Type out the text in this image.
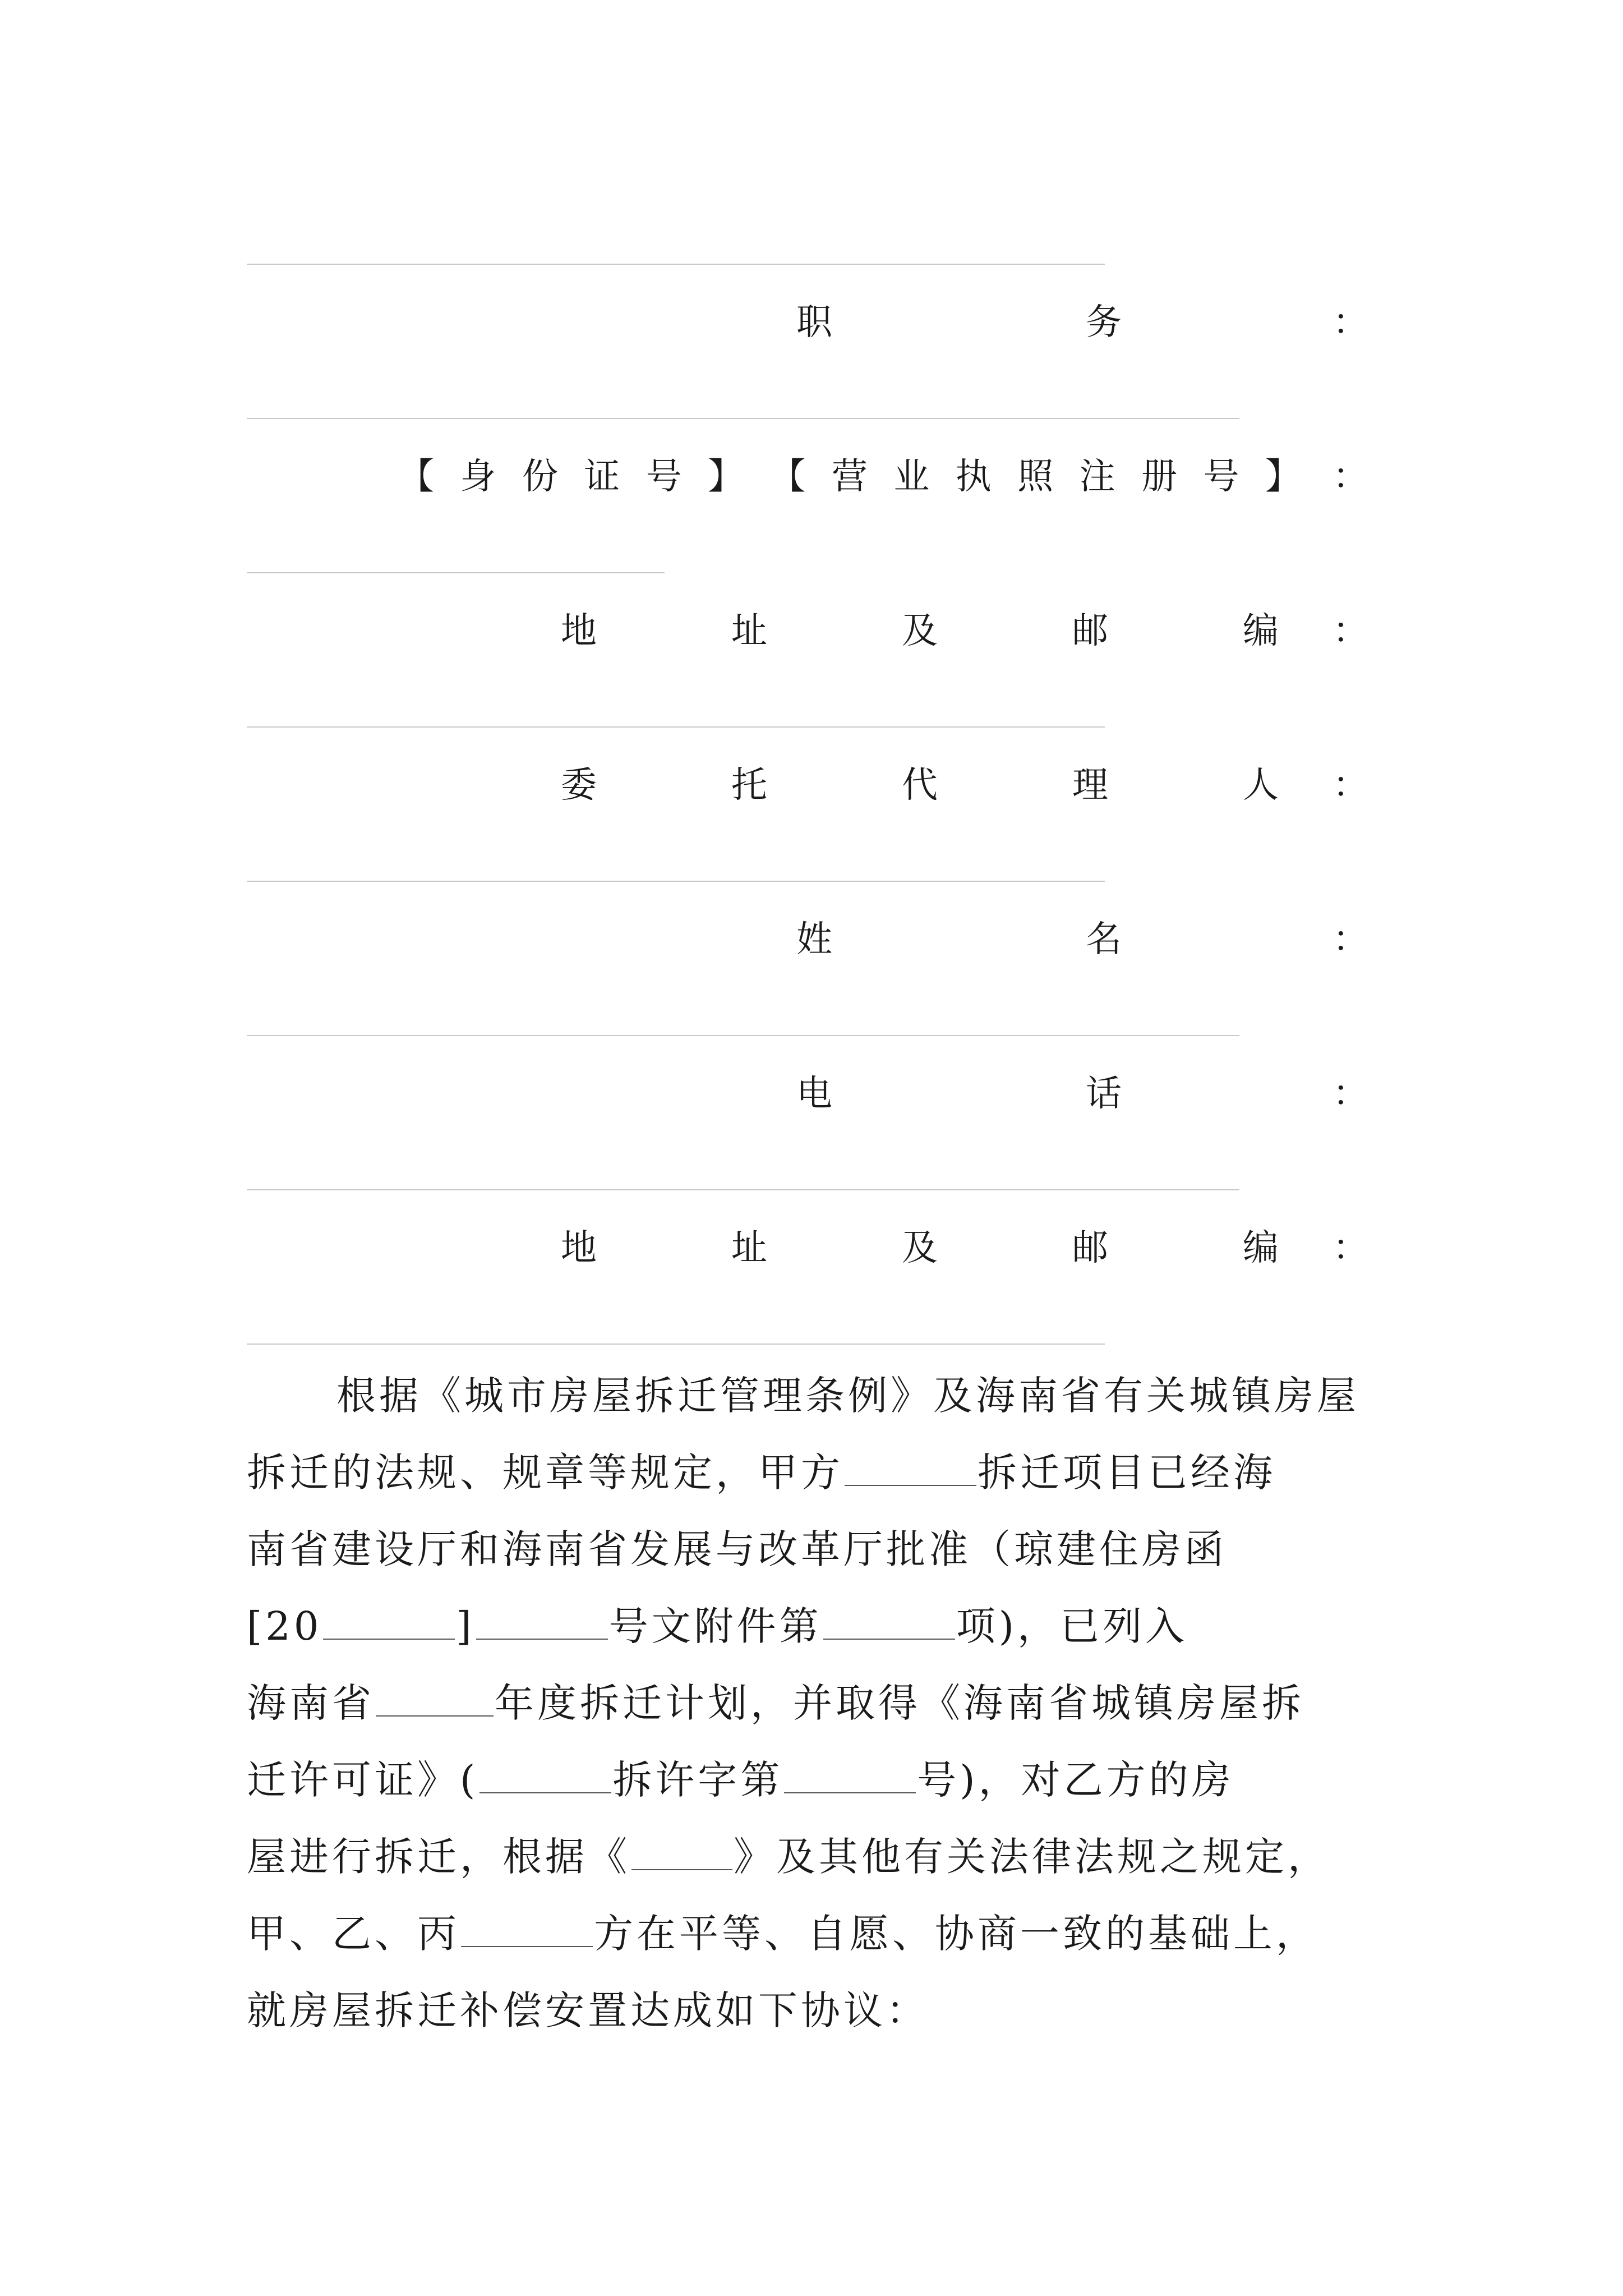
职	务	：
【 身 份 证 号 】 【 营 业 执 照 注 册 号 】 ：
地	址	及	邮	编 ：
委	托	代	理	人 ：
姓	名	：
电	话	：
地	址	及	邮	编 ：

根据《城市房屋拆迁管理条例》及海南省有关城镇房屋

拆迁的法规、规章等规定，甲方	拆迁项目已经海

南省建设厅和海南省发展与改革厅批准（琼建住房函

[20	]	号文附件第	项)，已列入

海南省	年度拆迁计划，并取得《海南省城镇房屋拆

迁许可证》(	拆许字第	号)，对乙方的房

屋进行拆迁，根据《	》及其他有关法律法规之规定，

甲、乙、丙	方在平等、自愿、协商一致的基础上，

就房屋拆迁补偿安置达成如下协议：
